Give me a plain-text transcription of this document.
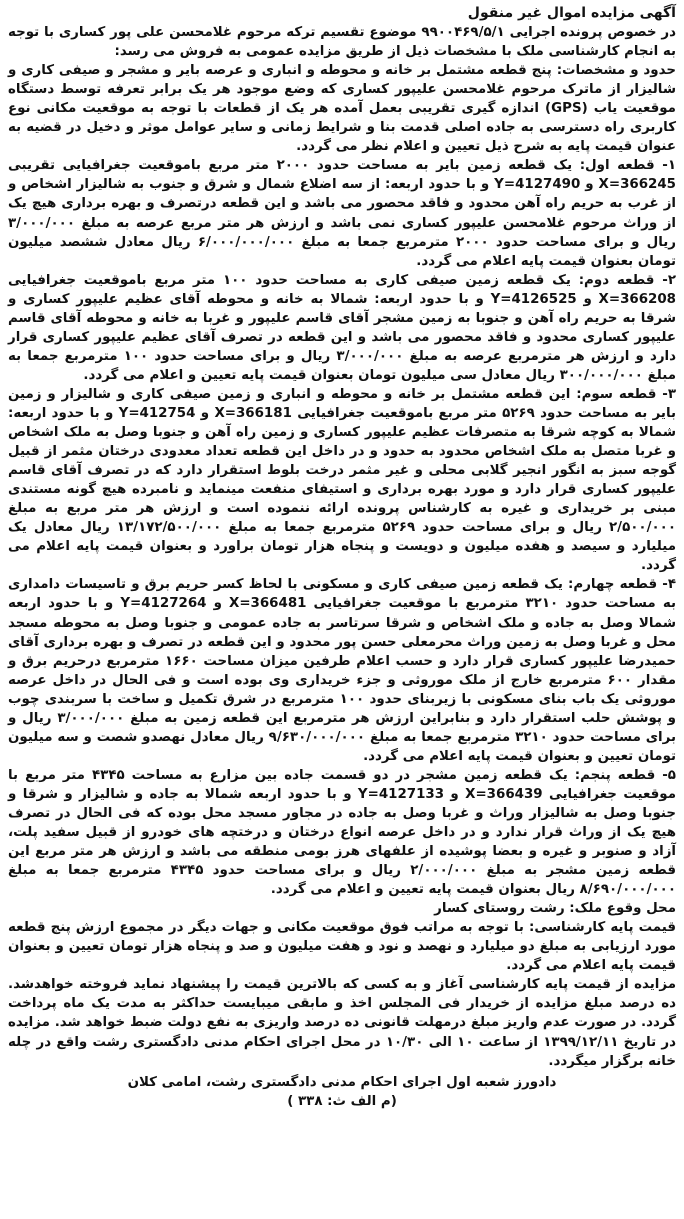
آگهی مزایده اموال غیر منقول

در خصوص پرونده اجرایی ۹۹۰۰۴۶۹/۵/۱ موضوع تقسیم ترکه مرحوم غلامحسن علی پور کساری با توجه به انجام کارشناسی ملک با مشخصات ذیل از طریق مزایده عمومی به فروش می رسد:

حدود و مشخصات: پنج قطعه مشتمل بر خانه و محوطه و انباری و عرصه بایر و مشجر و صیفی کاری و شالیزار از ماترک مرحوم غلامحسن علیپور کساری که وضع موجود هر یک برابر تعرفه توسط دستگاه موقعیت یاب (GPS) اندازه گیری تقریبی بعمل آمده هر یک از قطعات با توجه به موقعیت مکانی نوع کاربری راه دسترسی به جاده اصلی قدمت بنا و شرایط زمانی و سایر عوامل موثر و دخیل در قضیه به عنوان قیمت پایه به شرح ذیل تعیین و اعلام نظر می گردد.

۱- قطعه اول: یک قطعه زمین بایر به مساحت حدود ۲۰۰۰ متر مربع باموقعیت جغرافیایی تقریبی X=366245 و Y=4127490 و با حدود اربعه: از سه اضلاع شمال و شرق و جنوب به شالیزار اشخاص و از غرب به حریم راه آهن محدود و فاقد محصور می باشد و این قطعه درتصرف و بهره برداری هیچ یک از وراث مرحوم غلامحسن علیپور کساری نمی باشد و ارزش هر متر مربع عرصه به مبلغ ۳/۰۰۰/۰۰۰ ریال و برای مساحت حدود ۲۰۰۰ مترمربع جمعا به مبلغ ۶/۰۰۰/۰۰۰/۰۰۰ ریال معادل ششصد میلیون تومان بعنوان قیمت پایه اعلام می گردد.

۲- قطعه دوم: یک قطعه زمین صیفی کاری به مساحت حدود ۱۰۰ متر مربع باموقعیت جغرافیایی X=366208 و Y=4126525 و با حدود اربعه: شمالا به خانه و محوطه آقای عظیم علیپور کساری و شرقا به حریم راه آهن و جنوبا به زمین مشجر آقای قاسم علیپور و غربا به خانه و محوطه آقای قاسم علیپور کساری محدود و فاقد محصور می باشد و این قطعه در تصرف آقای عظیم علیپور کساری قرار دارد و ارزش هر مترمربع عرصه به مبلغ ۳/۰۰۰/۰۰۰ ریال و برای مساحت حدود ۱۰۰ مترمربع جمعا به مبلغ ۳۰۰/۰۰۰/۰۰۰ ریال معادل سی میلیون تومان بعنوان قیمت پایه تعیین و اعلام می گردد.

۳- قطعه سوم: این قطعه مشتمل بر خانه و محوطه و انباری و زمین صیفی کاری و شالیزار و زمین بایر به مساحت حدود ۵۲۶۹ متر مربع باموقعیت جغرافیایی X=366181 و Y=412754 و با حدود اربعه: شمالا به کوچه شرقا به متصرفات عظیم علیپور کساری و زمین راه آهن و جنوبا وصل به ملک اشخاص و غربا متصل به ملک اشخاص محدود به حدود و در داخل این قطعه تعداد معدودی درختان مثمر از قبیل گوجه سبز به انگور انجیر گلابی محلی و غیر مثمر درخت بلوط استقرار دارد که در تصرف آقای قاسم علیپور کساری قرار دارد و مورد بهره برداری و استیفای منفعت مینماید و نامبرده هیچ گونه مستندی مبنی بر خریداری و غیره به کارشناس پرونده ارائه ننموده است و ارزش هر متر مربع به مبلغ ۲/۵۰۰/۰۰۰ ریال و برای مساحت حدود ۵۲۶۹ مترمربع جمعا به مبلغ ۱۳/۱۷۲/۵۰۰/۰۰۰ ریال معادل یک میلیارد و سیصد و هفده میلیون و دویست و پنجاه هزار تومان براورد و بعنوان قیمت پایه اعلام می گردد.

۴- قطعه چهارم: یک قطعه زمین صیفی کاری و مسکونی با لحاظ کسر حریم برق و تاسیسات دامداری به مساحت حدود ۳۲۱۰ مترمربع با موقعیت جغرافیایی X=366481 و Y=4127264 و با حدود اربعه شمالا وصل به جاده و ملک اشخاص و شرقا سرتاسر به جاده عمومی و جنوبا وصل به محوطه مسجد محل و غربا وصل به زمین وراث محرمعلی حسن پور محدود و این قطعه در تصرف و بهره برداری آقای حمیدرضا علیپور کساری قرار دارد و حسب اعلام طرفین میزان مساحت ۱۶۶۰ مترمربع درحریم برق و مقدار ۶۰۰ مترمربع خارج از ملک موروثی و جزء خریداری وی بوده است و فی الحال در داخل عرصه موروثی یک باب بنای مسکونی با زیربنای حدود ۱۰۰ مترمربع در شرق تکمیل و ساخت با سربندی چوب و پوشش حلب استقرار دارد و بنابراین ارزش هر مترمربع این قطعه زمین به مبلغ ۳/۰۰۰/۰۰۰ ریال و برای مساحت حدود ۳۲۱۰ مترمربع جمعا به مبلغ ۹/۶۳۰/۰۰۰/۰۰۰ ریال معادل نهصدو شصت و سه میلیون تومان تعیین و بعنوان قیمت پایه اعلام می گردد.

۵- قطعه پنجم: یک قطعه زمین مشجر در دو قسمت جاده بین مزارع به مساحت ۴۳۴۵ متر مربع با موقعیت جغرافیایی X=366439 و Y=4127133 و با حدود اربعه شمالا به جاده و شالیزار و شرقا و جنوبا وصل به شالیزار وراث و غربا وصل به جاده در مجاور مسجد محل بوده که فی الحال در تصرف هیچ یک از وراث قرار ندارد و در داخل عرصه انواع درختان و درختچه های خودرو از قبیل سفید پلت، آزاد و صنوبر و غیره و بعضا پوشیده از علفهای هرز بومی منطقه می باشد و ارزش هر متر مربع این قطعه زمین مشجر به مبلغ ۲/۰۰۰/۰۰۰ ریال و برای مساحت حدود ۴۳۴۵ مترمربع جمعا به مبلغ ۸/۶۹۰/۰۰۰/۰۰۰ ریال بعنوان قیمت پایه تعیین و اعلام می گردد.

محل وقوع ملک: رشت روستای کسار

قیمت پایه کارشناسی: با توجه به مراتب فوق موقعیت مکانی و جهات دیگر در مجموع ارزش پنج قطعه مورد ارزیابی به مبلغ دو میلیارد و نهصد و نود و هفت میلیون و صد و پنجاه هزار تومان تعیین و بعنوان قیمت پایه اعلام می گردد.

مزایده از قیمت پایه کارشناسی آغاز و به کسی که بالاترین قیمت را پیشنهاد نماید فروخته خواهدشد. ده درصد مبلغ مزایده از خریدار فی المجلس اخذ و مابقی میبایست حداکثر به مدت یک ماه پرداخت گردد. در صورت عدم واریز مبلغ درمهلت قانونی ده درصد واریزی به نفع دولت ضبط خواهد شد. مزایده در تاریخ ۱۳۹۹/۱۲/۱۱ از ساعت ۱۰ الی ۱۰/۳۰ در محل اجرای احکام مدنی دادگستری رشت واقع در چله خانه برگزار میگردد.

دادورز شعبه اول اجرای احکام مدنی دادگستری رشت، امامی کلان

(م الف ث: ۳۳۸ )
